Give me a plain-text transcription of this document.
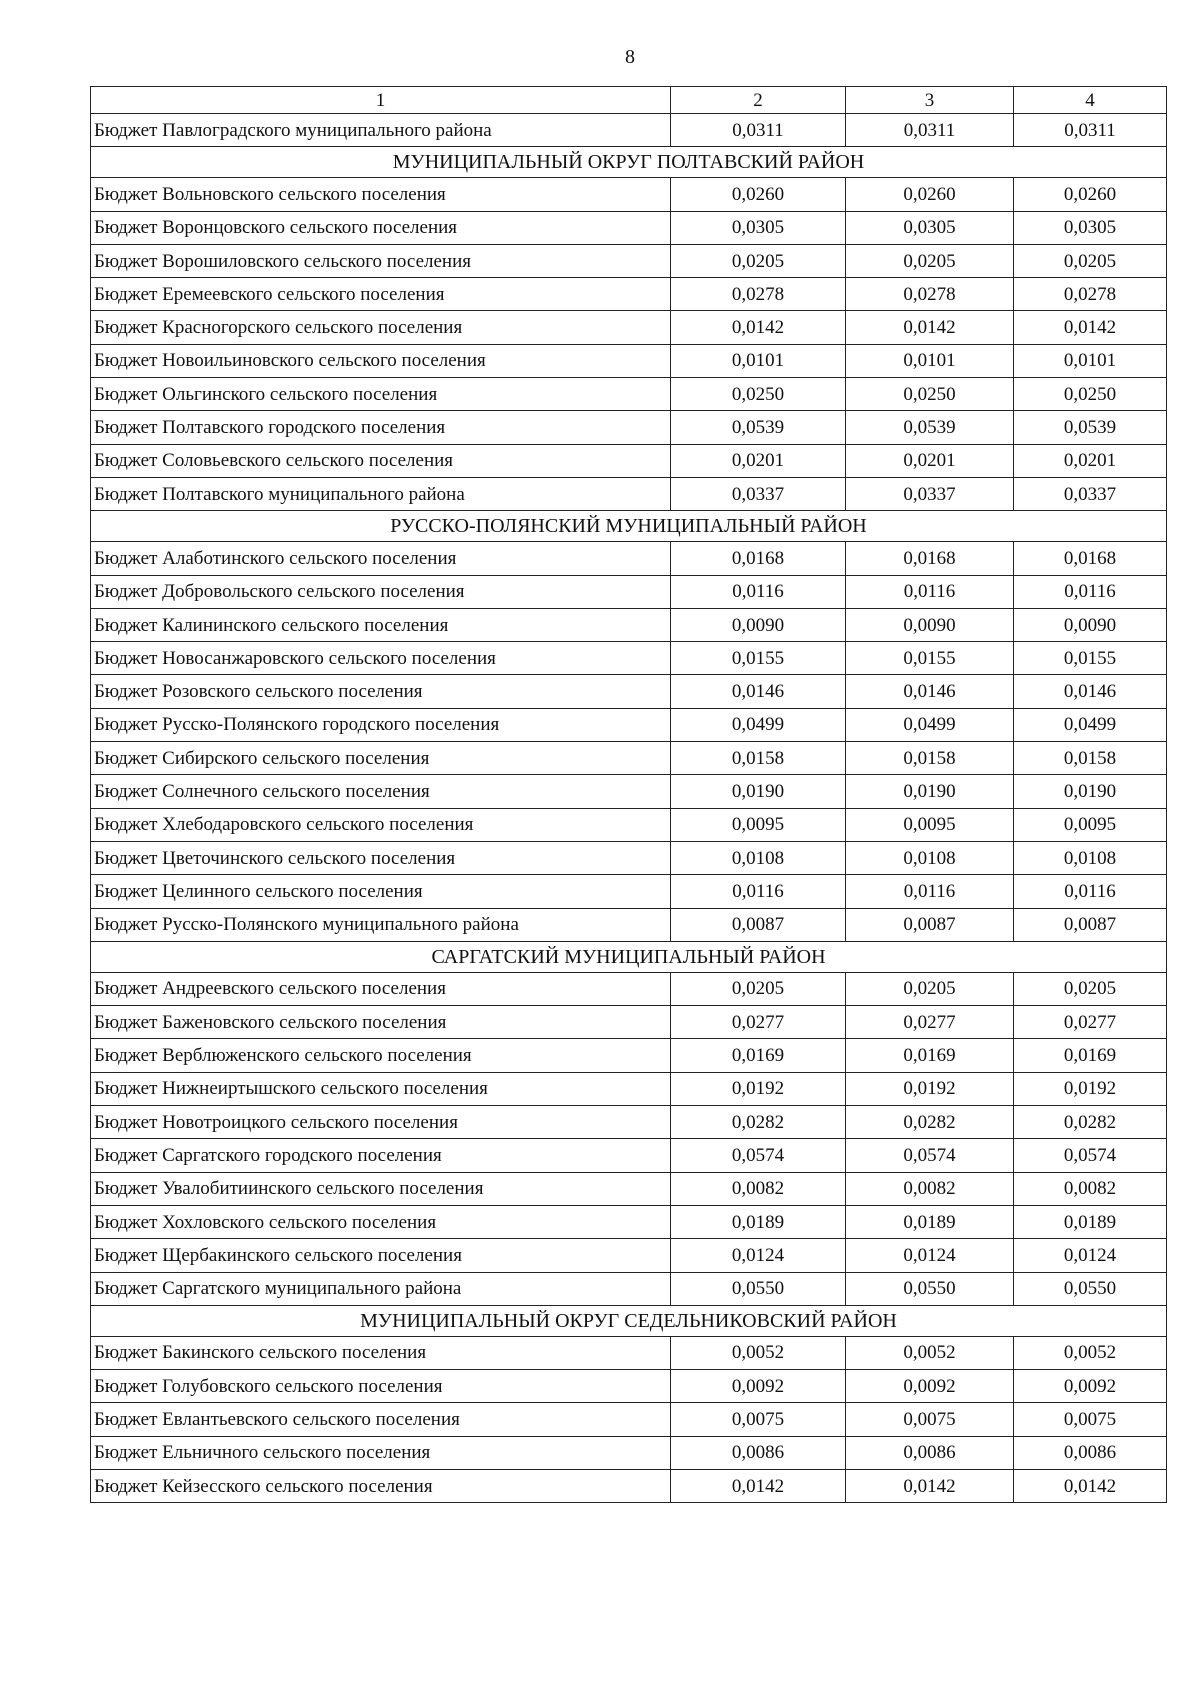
8
1	2	3	4
Бюджет Павлоградского муниципального района	0,0311	0,0311	0,0311
МУНИЦИПАЛЬНЫЙ ОКРУГ ПОЛТАВСКИЙ РАЙОН			
Бюджет Вольновского сельского поселения	0,0260	0,0260	0,0260
Бюджет Воронцовского сельского поселения	0,0305	0,0305	0,0305
Бюджет Ворошиловского сельского поселения	0,0205	0,0205	0,0205
Бюджет Еремеевского сельского поселения	0,0278	0,0278	0,0278
Бюджет Красногорского сельского поселения	0,0142	0,0142	0,0142
Бюджет Новоильиновского сельского поселения	0,0101	0,0101	0,0101
Бюджет Ольгинского сельского поселения	0,0250	0,0250	0,0250
Бюджет Полтавского городского поселения	0,0539	0,0539	0,0539
Бюджет Соловьевского сельского поселения	0,0201	0,0201	0,0201
Бюджет Полтавского муниципального района	0,0337	0,0337	0,0337
РУССКО-ПОЛЯНСКИЙ МУНИЦИПАЛЬНЫЙ РАЙОН			
Бюджет Алаботинского сельского поселения	0,0168	0,0168	0,0168
Бюджет Добровольского сельского поселения	0,0116	0,0116	0,0116
Бюджет Калининского сельского поселения	0,0090	0,0090	0,0090
Бюджет Новосанжаровского сельского поселения	0,0155	0,0155	0,0155
Бюджет Розовского сельского поселения	0,0146	0,0146	0,0146
Бюджет Русско-Полянского городского поселения	0,0499	0,0499	0,0499
Бюджет Сибирского сельского поселения	0,0158	0,0158	0,0158
Бюджет Солнечного сельского поселения	0,0190	0,0190	0,0190
Бюджет Хлебодаровского сельского поселения	0,0095	0,0095	0,0095
Бюджет Цветочинского сельского поселения	0,0108	0,0108	0,0108
Бюджет Целинного сельского поселения	0,0116	0,0116	0,0116
Бюджет Русско-Полянского муниципального района	0,0087	0,0087	0,0087
САРГАТСКИЙ МУНИЦИПАЛЬНЫЙ РАЙОН			
Бюджет Андреевского сельского поселения	0,0205	0,0205	0,0205
Бюджет Баженовского сельского поселения	0,0277	0,0277	0,0277
Бюджет Верблюженского сельского поселения	0,0169	0,0169	0,0169
Бюджет Нижнеиртышского сельского поселения	0,0192	0,0192	0,0192
Бюджет Новотроицкого сельского поселения	0,0282	0,0282	0,0282
Бюджет Саргатского городского поселения	0,0574	0,0574	0,0574
Бюджет Увалобитиинского сельского поселения	0,0082	0,0082	0,0082
Бюджет Хохловского сельского поселения	0,0189	0,0189	0,0189
Бюджет Щербакинского сельского поселения	0,0124	0,0124	0,0124
Бюджет Саргатского муниципального района	0,0550	0,0550	0,0550
МУНИЦИПАЛЬНЫЙ ОКРУГ СЕДЕЛЬНИКОВСКИЙ РАЙОН			
Бюджет Бакинского сельского поселения	0,0052	0,0052	0,0052
Бюджет Голубовского сельского поселения	0,0092	0,0092	0,0092
Бюджет Евлантьевского сельского поселения	0,0075	0,0075	0,0075
Бюджет Ельничного сельского поселения	0,0086	0,0086	0,0086
Бюджет Кейзесского сельского поселения	0,0142	0,0142	0,0142
